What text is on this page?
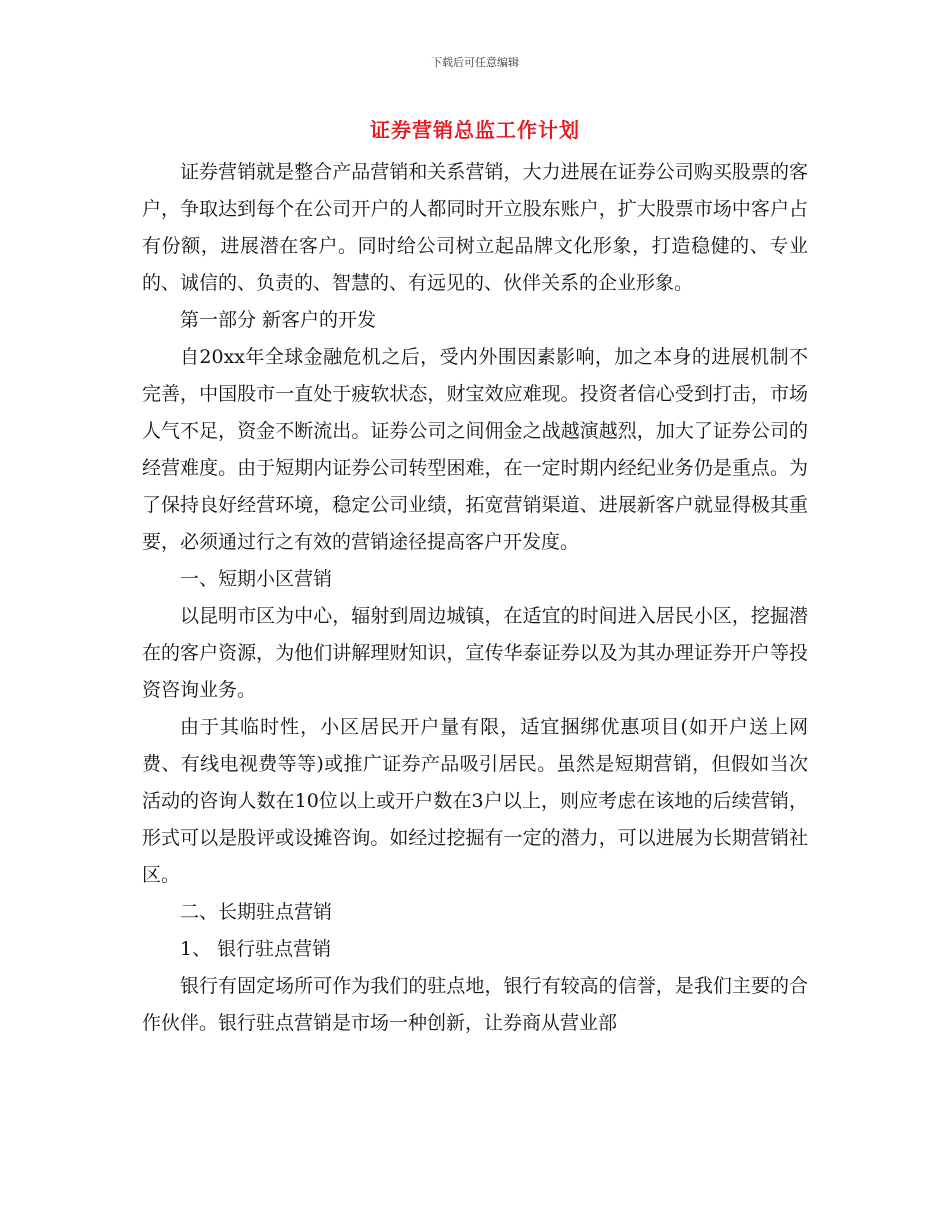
下载后可任意编辑
证券营销总监工作计划

证券营销就是整合产品营销和关系营销，大力进展在证券公司购买股票的客户，争取达到每个在公司开户的人都同时开立股东账户，扩大股票市场中客户占有份额，进展潜在客户。同时给公司树立起品牌文化形象，打造稳健的、专业的、诚信的、负责的、智慧的、有远见的、伙伴关系的企业形象。

第一部分 新客户的开发

自20xx年全球金融危机之后，受内外围因素影响，加之本身的进展机制不完善，中国股市一直处于疲软状态，财宝效应难现。投资者信心受到打击，市场人气不足，资金不断流出。证券公司之间佣金之战越演越烈，加大了证券公司的经营难度。由于短期内证券公司转型困难，在一定时期内经纪业务仍是重点。为了保持良好经营环境，稳定公司业绩，拓宽营销渠道、进展新客户就显得极其重要，必须通过行之有效的营销途径提高客户开发度。

一、短期小区营销

以昆明市区为中心，辐射到周边城镇，在适宜的时间进入居民小区，挖掘潜在的客户资源，为他们讲解理财知识，宣传华泰证券以及为其办理证券开户等投资咨询业务。

由于其临时性，小区居民开户量有限，适宜捆绑优惠项目(如开户送上网费、有线电视费等等)或推广证券产品吸引居民。虽然是短期营销，但假如当次活动的咨询人数在10位以上或开户数在3户以上，则应考虑在该地的后续营销，形式可以是股评或设摊咨询。如经过挖掘有一定的潜力，可以进展为长期营销社区。

二、长期驻点营销

1、 银行驻点营销

银行有固定场所可作为我们的驻点地，银行有较高的信誉，是我们主要的合作伙伴。银行驻点营销是市场一种创新，让券商从营业部
